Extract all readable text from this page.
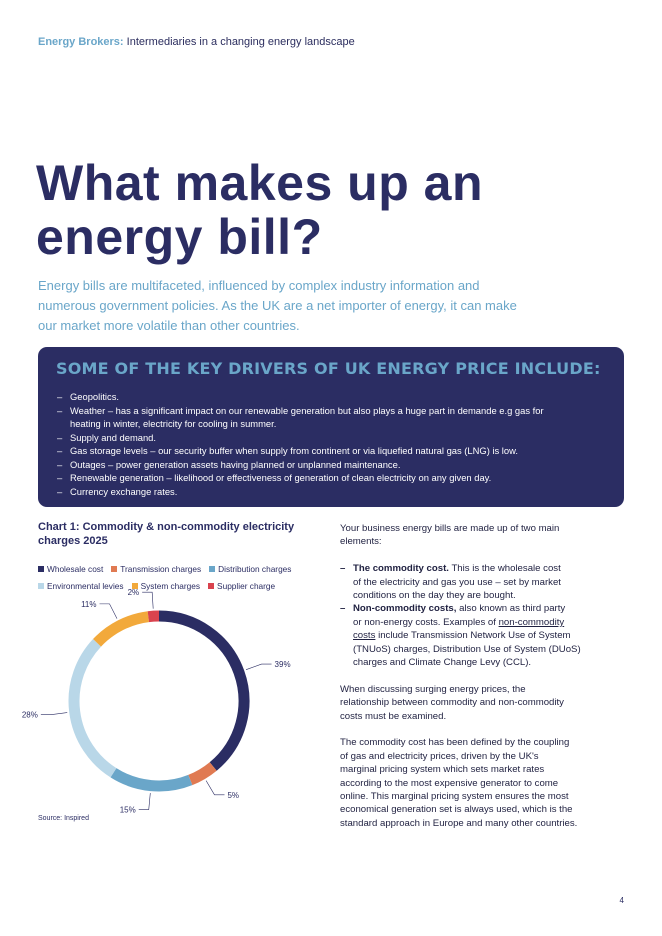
Energy Brokers: Intermediaries in a changing energy landscape
What makes up an
energy bill?
Energy bills are multifaceted, influenced by complex industry information and
numerous government policies. As the UK are a net importer of energy, it can make
our market more volatile than other countries.
SOME OF THE KEY DRIVERS OF UK ENERGY PRICE INCLUDE:
– Geopolitics.
– Weather – has a significant impact on our renewable generation but also plays a huge part in demande e.g gas for
heating in winter, electricity for cooling in summer.
– Supply and demand.
– Gas storage levels – our security buffer when supply from continent or via liquefied natural gas (LNG) is low.
– Outages – power generation assets having planned or unplanned maintenance.
– Renewable generation – likelihood or effectiveness of generation of clean electricity on any given day.
– Currency exchange rates.
Chart 1: Commodity & non-commodity electricity charges 2025
Wholesale cost Transmission charges Distribution charges
Environmental levies System charges Supplier charge
39%
5%
15%
28%
11%
2%
Source: Inspired

Your business energy bills are made up of two main
elements:

– The commodity cost. This is the wholesale cost
of the electricity and gas you use – set by market
conditions on the day they are bought.
– Non-commodity costs, also known as third party
or non-energy costs. Examples of non-commodity
costs include Transmission Network Use of System
(TNUoS) charges, Distribution Use of System (DUoS)
charges and Climate Change Levy (CCL).

When discussing surging energy prices, the
relationship between commodity and non-commodity
costs must be examined.

The commodity cost has been defined by the coupling
of gas and electricity prices, driven by the UK's
marginal pricing system which sets market rates
according to the most expensive generator to come
online. This marginal pricing system ensures the most
economical generation set is always used, which is the
standard approach in Europe and many other countries.

4
